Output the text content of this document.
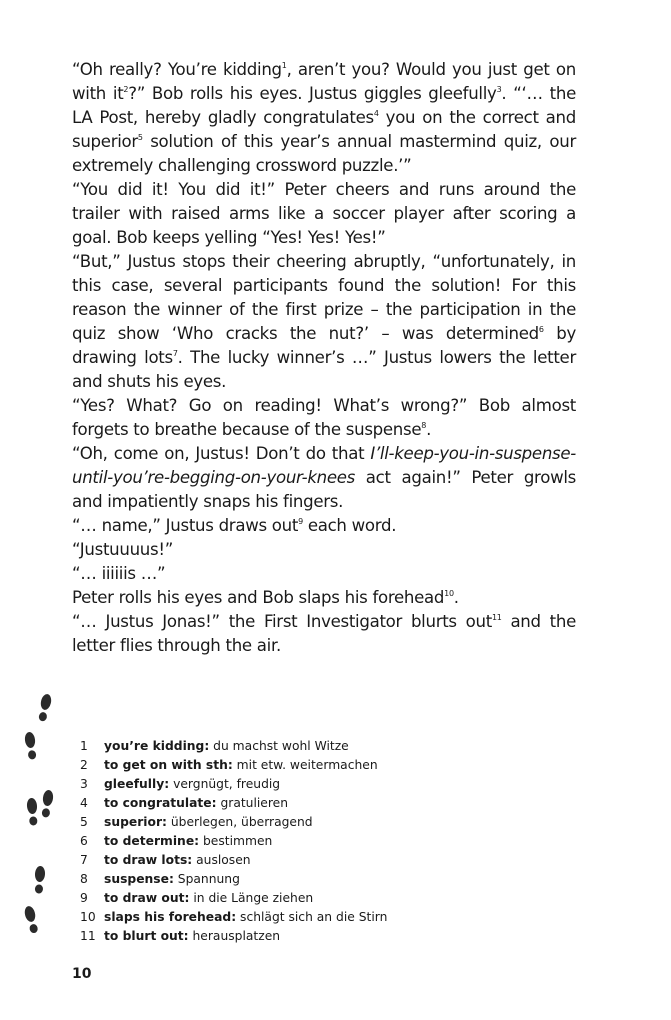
“Oh really? You’re kidding$^1$, aren’t you? Would you just get on with $it^2$?” Bob rolls his eyes. Justus giggles gleefully$^3$. “‘… the LA Post, hereby gladly congratulates$^4$ you on the correct and superior$^5$ solution of this year’s annual mastermind quiz, our extremely challenging crossword puzzle.’”

“You did it! You did it!” Peter cheers and runs around the trailer with raised arms like a soccer player after scoring a goal. Bob keeps yelling “Yes! Yes! Yes!”

“But,” Justus stops their cheering abruptly, “unfortunately, in this case, several participants found the solution! For this reason the winner of the first prize – the participation in the quiz show ‘Who cracks the nut?’ – was determined$^6$ by drawing lots$^7$. The lucky winner’s …” Justus lowers the letter and shuts his eyes.

“Yes? What? Go on reading! What’s wrong?” Bob almost forgets to breathe because of the suspense$^8$.

“Oh, come on, Justus! Don’t do that I’ll-keep-you-in-suspense-until-you’re-begging-on-your-knees act again!” Peter growls and impatiently snaps his fingers.

“… name,” Justus draws out$^9$ each word.

“Justuuuus!”

“… iiiiiis …”

Peter rolls his eyes and Bob slaps his forehead$^{10}$.

“… Justus Jonas!” the First Investigator blurts out$^{11}$ and the letter flies through the air.

1	you’re kidding: du machst wohl Witze
2	to get on with sth: mit etw. weitermachen
3	gleefully: vergnügt, freudig
4	to congratulate: gratulieren
5	superior: überlegen, überragend
6	to determine: bestimmen
7	to draw lots: auslosen
8	suspense: Spannung
9	to draw out: in die Länge ziehen
10 slaps his forehead: schlägt sich an die Stirn
11 to blurt out: herausplatzen
10
